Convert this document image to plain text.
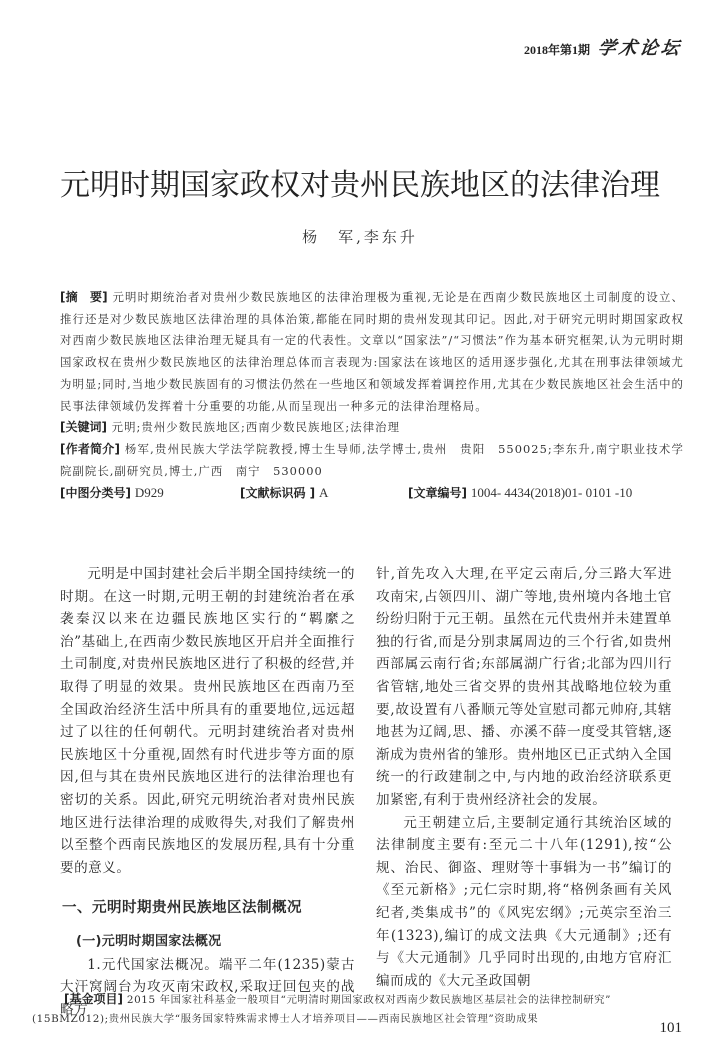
2018年第1期 学术论坛
元明时期国家政权对贵州民族地区的法律治理
杨　军,李东升

[摘　要] 元明时期统治者对贵州少数民族地区的法律治理极为重视,无论是在西南少数民族地区土司制度的设立、推行还是对少数民族地区法律治理的具体治策,都能在同时期的贵州发现其印记。因此,对于研究元明时期国家政权对西南少数民族地区法律治理无疑具有一定的代表性。文章以“国家法”/“习惯法”作为基本研究框架,认为元明时期国家政权在贵州少数民族地区的法律治理总体而言表现为:国家法在该地区的适用逐步强化,尤其在刑事法律领域尤为明显;同时,当地少数民族固有的习惯法仍然在一些地区和领域发挥着调控作用,尤其在少数民族地区社会生活中的民事法律领域仍发挥着十分重要的功能,从而呈现出一种多元的法律治理格局。

[关键词] 元明;贵州少数民族地区;西南少数民族地区;法律治理

[作者简介] 杨军,贵州民族大学法学院教授,博士生导师,法学博士,贵州　贵阳　550025;李东升,南宁职业技术学院副院长,副研究员,博士,广西　南宁　530000

[中图分类号] D929	[文献标识码 ] A	[文章编号] 1004- 4434(2018)01- 0101 -10

元明是中国封建社会后半期全国持续统一的时期。在这一时期,元明王朝的封建统治者在承袭秦汉以来在边疆民族地区实行的“羁縻之治”基础上,在西南少数民族地区开启并全面推行土司制度,对贵州民族地区进行了积极的经营,并取得了明显的效果。贵州民族地区在西南乃至全国政治经济生活中所具有的重要地位,远远超过了以往的任何朝代。元明封建统治者对贵州民族地区十分重视,固然有时代进步等方面的原因,但与其在贵州民族地区进行的法律治理也有密切的关系。因此,研究元明统治者对贵州民族地区进行法律治理的成败得失,对我们了解贵州以至整个西南民族地区的发展历程,具有十分重要的意义。

一、元明时期贵州民族地区法制概况

(一)元明时期国家法概况

1.元代国家法概况。端平二年(1235)蒙古大汗窝阔台为攻灭南宋政权,采取迂回包夹的战略方

针,首先攻入大理,在平定云南后,分三路大军进攻南宋,占领四川、湖广等地,贵州境内各地土官纷纷归附于元王朝。虽然在元代贵州并未建置单独的行省,而是分别隶属周边的三个行省,如贵州西部属云南行省;东部属湖广行省;北部为四川行省管辖,地处三省交界的贵州其战略地位较为重要,故设置有八番顺元等处宣慰司都元帅府,其辖地甚为辽阔,思、播、亦溪不薛一度受其管辖,逐渐成为贵州省的雏形。贵州地区已正式纳入全国统一的行政建制之中,与内地的政治经济联系更加紧密,有利于贵州经济社会的发展。

元王朝建立后,主要制定通行其统治区域的法律制度主要有:至元二十八年(1291),按“公规、治民、御盗、理财等十事辑为一书”编订的《至元新格》;元仁宗时期,将“格例条画有关风纪者,类集成书”的《风宪宏纲》;元英宗至治三年(1323),编订的成文法典《大元通制》;还有与《大元通制》几乎同时出现的,由地方官府汇编而成的《大元圣政国朝

[基金项目] 2015 年国家社科基金一般项目“元明清时期国家政权对西南少数民族地区基层社会的法律控制研究”

(15BMZ012);贵州民族大学“服务国家特殊需求博士人才培养项目——西南民族地区社会管理”资助成果

101
